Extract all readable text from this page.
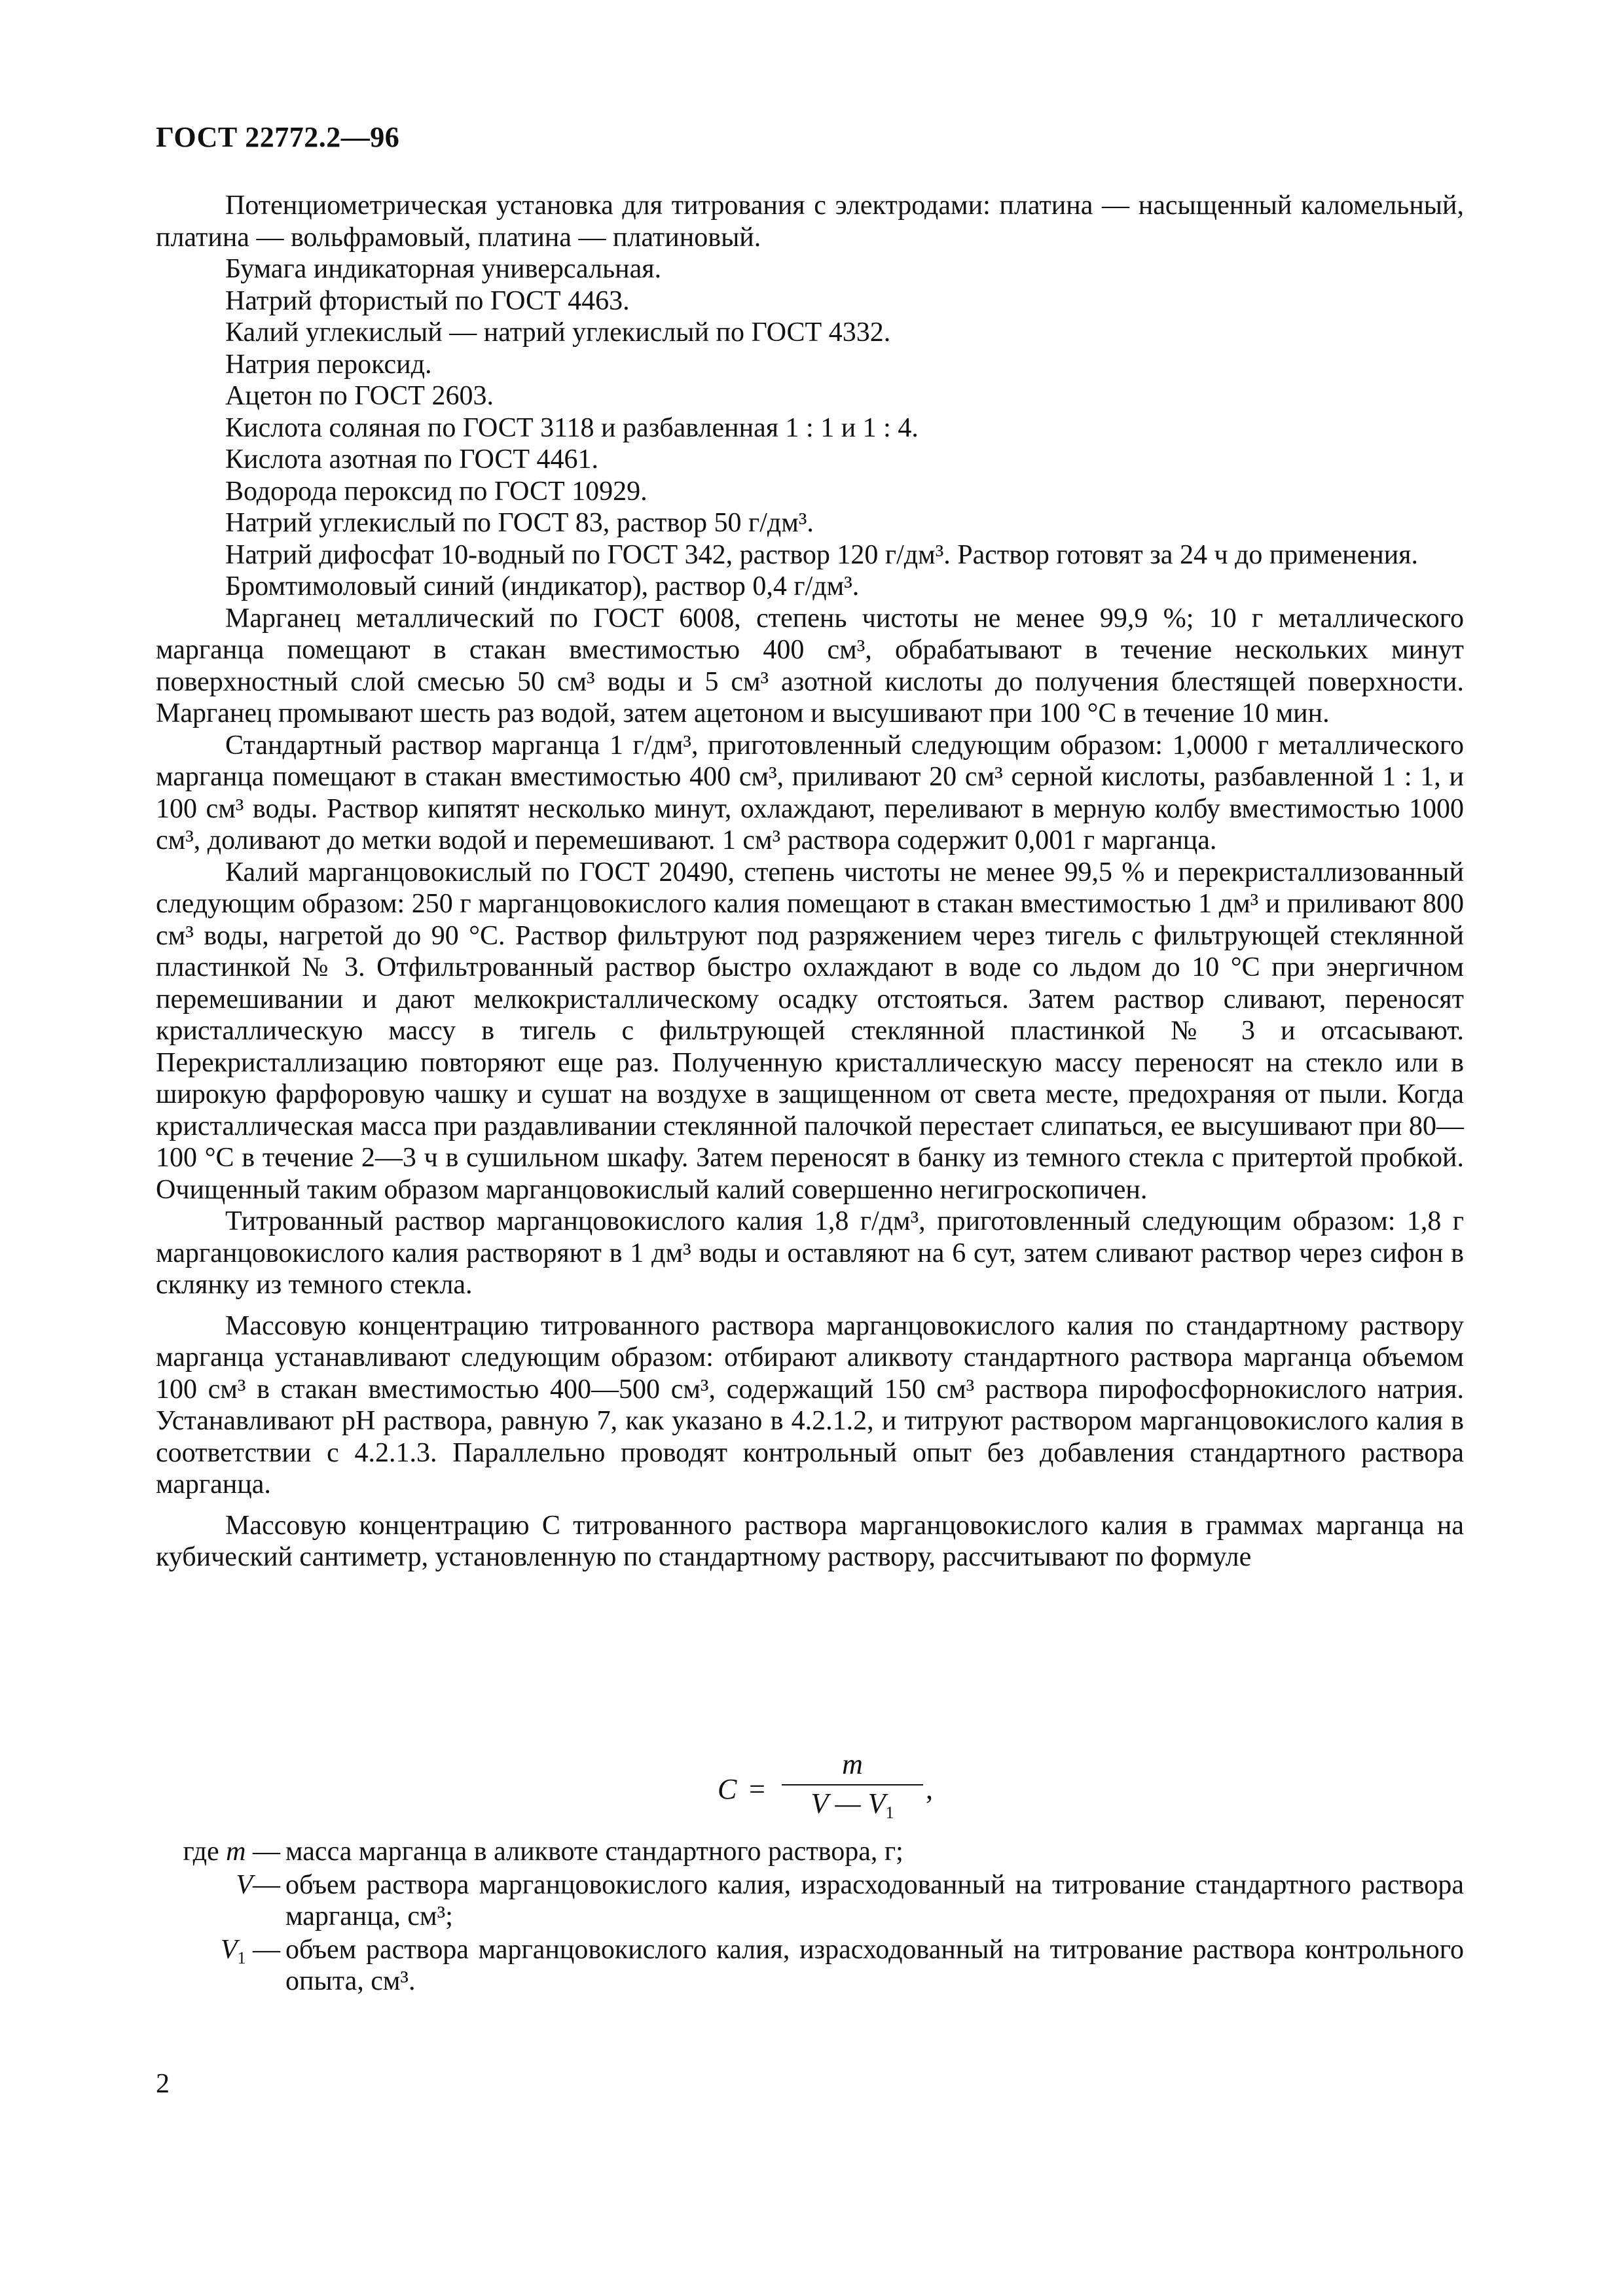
ГОСТ 22772.2—96

Потенциометрическая установка для титрования с электродами: платина — насыщенный каломельный, платина — вольфрамовый, платина — платиновый.

Бумага индикаторная универсальная.

Натрий фтористый по ГОСТ 4463.

Калий углекислый — натрий углекислый по ГОСТ 4332.

Натрия пероксид.

Ацетон по ГОСТ 2603.

Кислота соляная по ГОСТ 3118 и разбавленная 1 : 1 и 1 : 4.

Кислота азотная по ГОСТ 4461.

Водорода пероксид по ГОСТ 10929.

Натрий углекислый по ГОСТ 83, раствор 50 г/дм³.

Натрий дифосфат 10-водный по ГОСТ 342, раствор 120 г/дм³. Раствор готовят за 24 ч до применения.

Бромтимоловый синий (индикатор), раствор 0,4 г/дм³.

Марганец металлический по ГОСТ 6008, степень чистоты не менее 99,9 %; 10 г металлического марганца помещают в стакан вместимостью 400 см³, обрабатывают в течение нескольких минут поверхностный слой смесью 50 см³ воды и 5 см³ азотной кислоты до получения блестящей поверхности. Марганец промывают шесть раз водой, затем ацетоном и высушивают при 100 °С в течение 10 мин.

Стандартный раствор марганца 1 г/дм³, приготовленный следующим образом: 1,0000 г металлического марганца помещают в стакан вместимостью 400 см³, приливают 20 см³ серной кислоты, разбавленной 1 : 1, и 100 см³ воды. Раствор кипятят несколько минут, охлаждают, переливают в мерную колбу вместимостью 1000 см³, доливают до метки водой и перемешивают. 1 см³ раствора содержит 0,001 г марганца.

Калий марганцовокислый по ГОСТ 20490, степень чистоты не менее 99,5 % и перекристаллизованный следующим образом: 250 г марганцовокислого калия помещают в стакан вместимостью 1 дм³ и приливают 800 см³ воды, нагретой до 90 °С. Раствор фильтруют под разряжением через тигель с фильтрующей стеклянной пластинкой № 3. Отфильтрованный раствор быстро охлаждают в воде со льдом до 10 °С при энергичном перемешивании и дают мелкокристаллическому осадку отстояться. Затем раствор сливают, переносят кристаллическую массу в тигель с фильтрующей стеклянной пластинкой № 3 и отсасывают. Перекристаллизацию повторяют еще раз. Полученную кристаллическую массу переносят на стекло или в широкую фарфоровую чашку и сушат на воздухе в защищенном от света месте, предохраняя от пыли. Когда кристаллическая масса при раздавливании стеклянной палочкой перестает слипаться, ее высушивают при 80—100 °С в течение 2—3 ч в сушильном шкафу. Затем переносят в банку из темного стекла с притертой пробкой. Очищенный таким образом марганцовокислый калий совершенно негигроскопичен.

Титрованный раствор марганцовокислого калия 1,8 г/дм³, приготовленный следующим образом: 1,8 г марганцовокислого калия растворяют в 1 дм³ воды и оставляют на 6 сут, затем сливают раствор через сифон в склянку из темного стекла.

Массовую концентрацию титрованного раствора марганцовокислого калия по стандартному раствору марганца устанавливают следующим образом: отбирают аликвоту стандартного раствора марганца объемом 100 см³ в стакан вместимостью 400—500 см³, содержащий 150 см³ раствора пирофосфорнокислого натрия. Устанавливают рН раствора, равную 7, как указано в 4.2.1.2, и титруют раствором марганцовокислого калия в соответствии с 4.2.1.3. Параллельно проводят контрольный опыт без добавления стандартного раствора марганца.

Массовую концентрацию C титрованного раствора марганцовокислого калия в граммах марганца на кубический сантиметр, установленную по стандартному раствору, рассчитывают по формуле

C =
m
V — $V_1$
,
где m — масса марганца в аликвоте стандартного раствора, г;
V— объем раствора марганцовокислого калия, израсходованный на титрование стандартного раствора марганца, см³;
$V_1$ — объем раствора марганцовокислого калия, израсходованный на титрование раствора контрольного опыта, см³.
2
